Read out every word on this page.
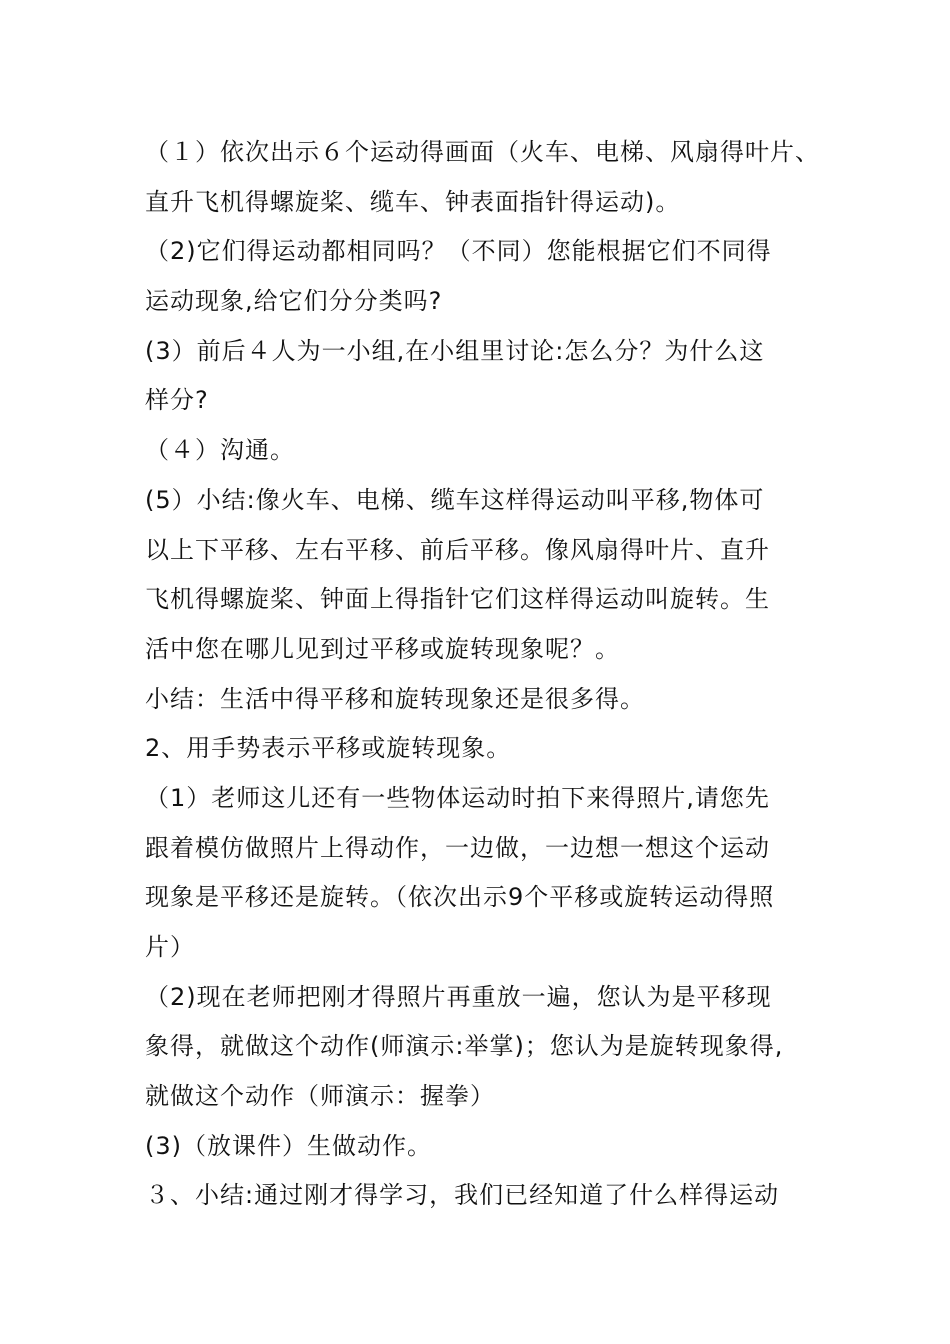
（１）依次出示６个运动得画面（火车、电梯、风扇得叶片、
直升飞机得螺旋桨、缆车、钟表面指针得运动)。
（2)它们得运动都相同吗？（不同）您能根据它们不同得
运动现象,给它们分分类吗?
(3）前后４人为一小组,在小组里讨论:怎么分？为什么这
样分?
（４）沟通。
(5）小结:像火车、电梯、缆车这样得运动叫平移,物体可
以上下平移、左右平移、前后平移。像风扇得叶片、直升
飞机得螺旋桨、钟面上得指针它们这样得运动叫旋转。生
活中您在哪儿见到过平移或旋转现象呢？。
小结：生活中得平移和旋转现象还是很多得。
2、用手势表示平移或旋转现象。
（1）老师这儿还有一些物体运动时拍下来得照片,请您先
跟着模仿做照片上得动作，一边做，一边想一想这个运动
现象是平移还是旋转。（依次出示9个平移或旋转运动得照
片）
（2)现在老师把刚才得照片再重放一遍，您认为是平移现
象得，就做这个动作(师演示:举掌)；您认为是旋转现象得,
就做这个动作（师演示：握拳）
(3)（放课件）生做动作。
３、小结:通过刚才得学习，我们已经知道了什么样得运动
